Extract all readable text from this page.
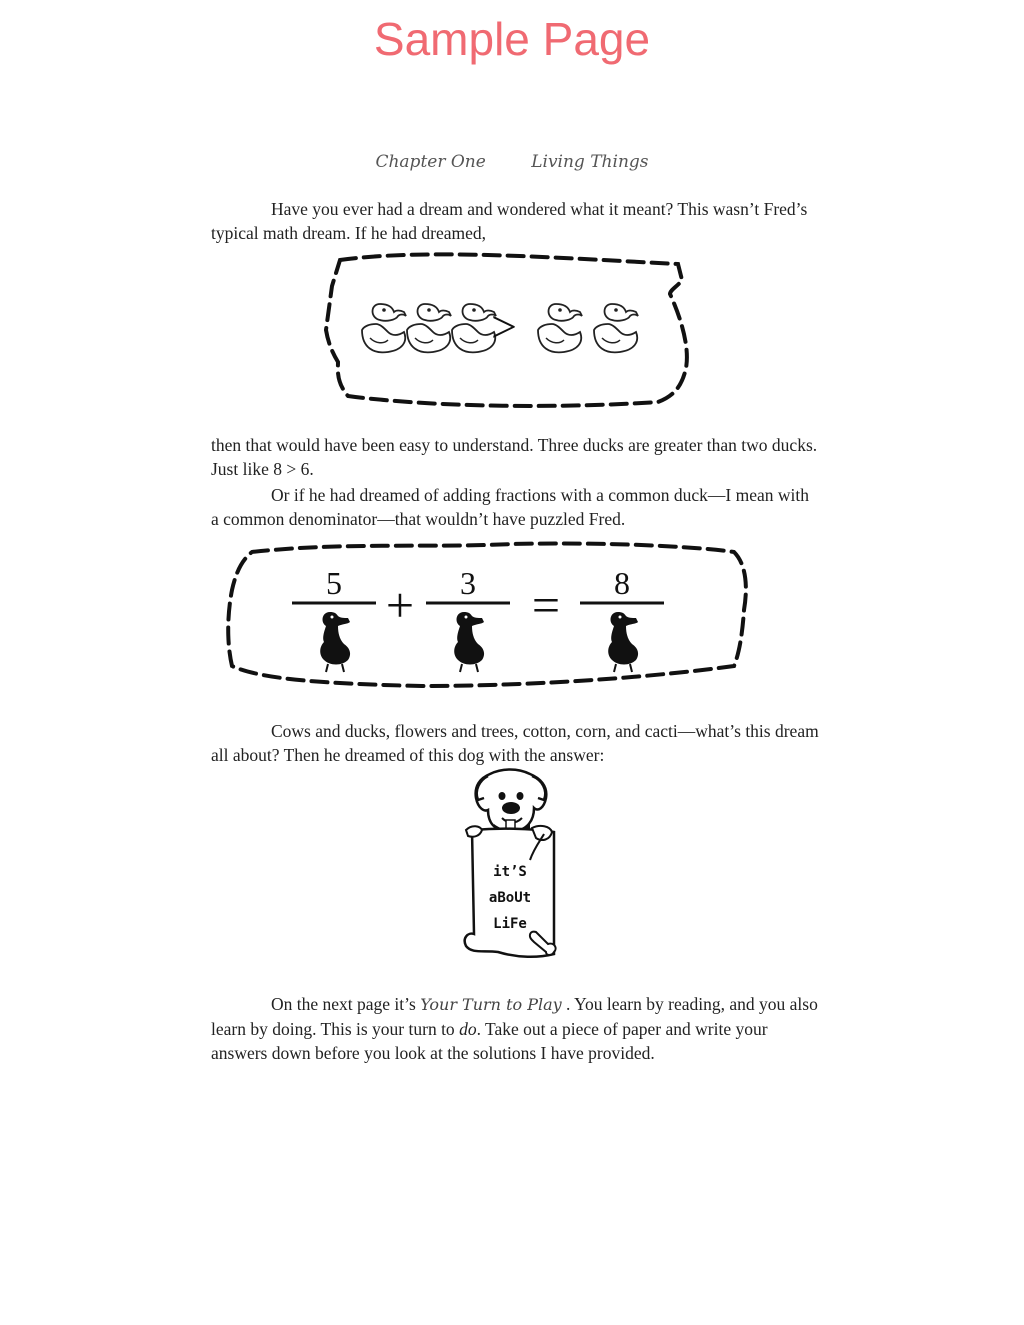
Sample Page
Chapter One	Living Things

Have you ever had a dream and wondered what it meant? This wasn’t Fred’s typical math dream. If he had dreamed,

>

then that would have been easy to understand. Three ducks are greater than two ducks. Just like 8 > 6.

Or if he had dreamed of adding fractions with a common duck—I mean with a common denominator—that wouldn’t have puzzled Fred.

5	3	8
+ =

Cows and ducks, flowers and trees, cotton, corn, and cacti—what’s this dream all about? Then he dreamed of this dog with the answer:

it’S
aBoUt
LiFe

On the next page it’s Your Turn to Play . You learn by reading, and you also learn by doing. This is your turn to do. Take out a piece of paper and write your answers down before you look at the solutions I have provided.
